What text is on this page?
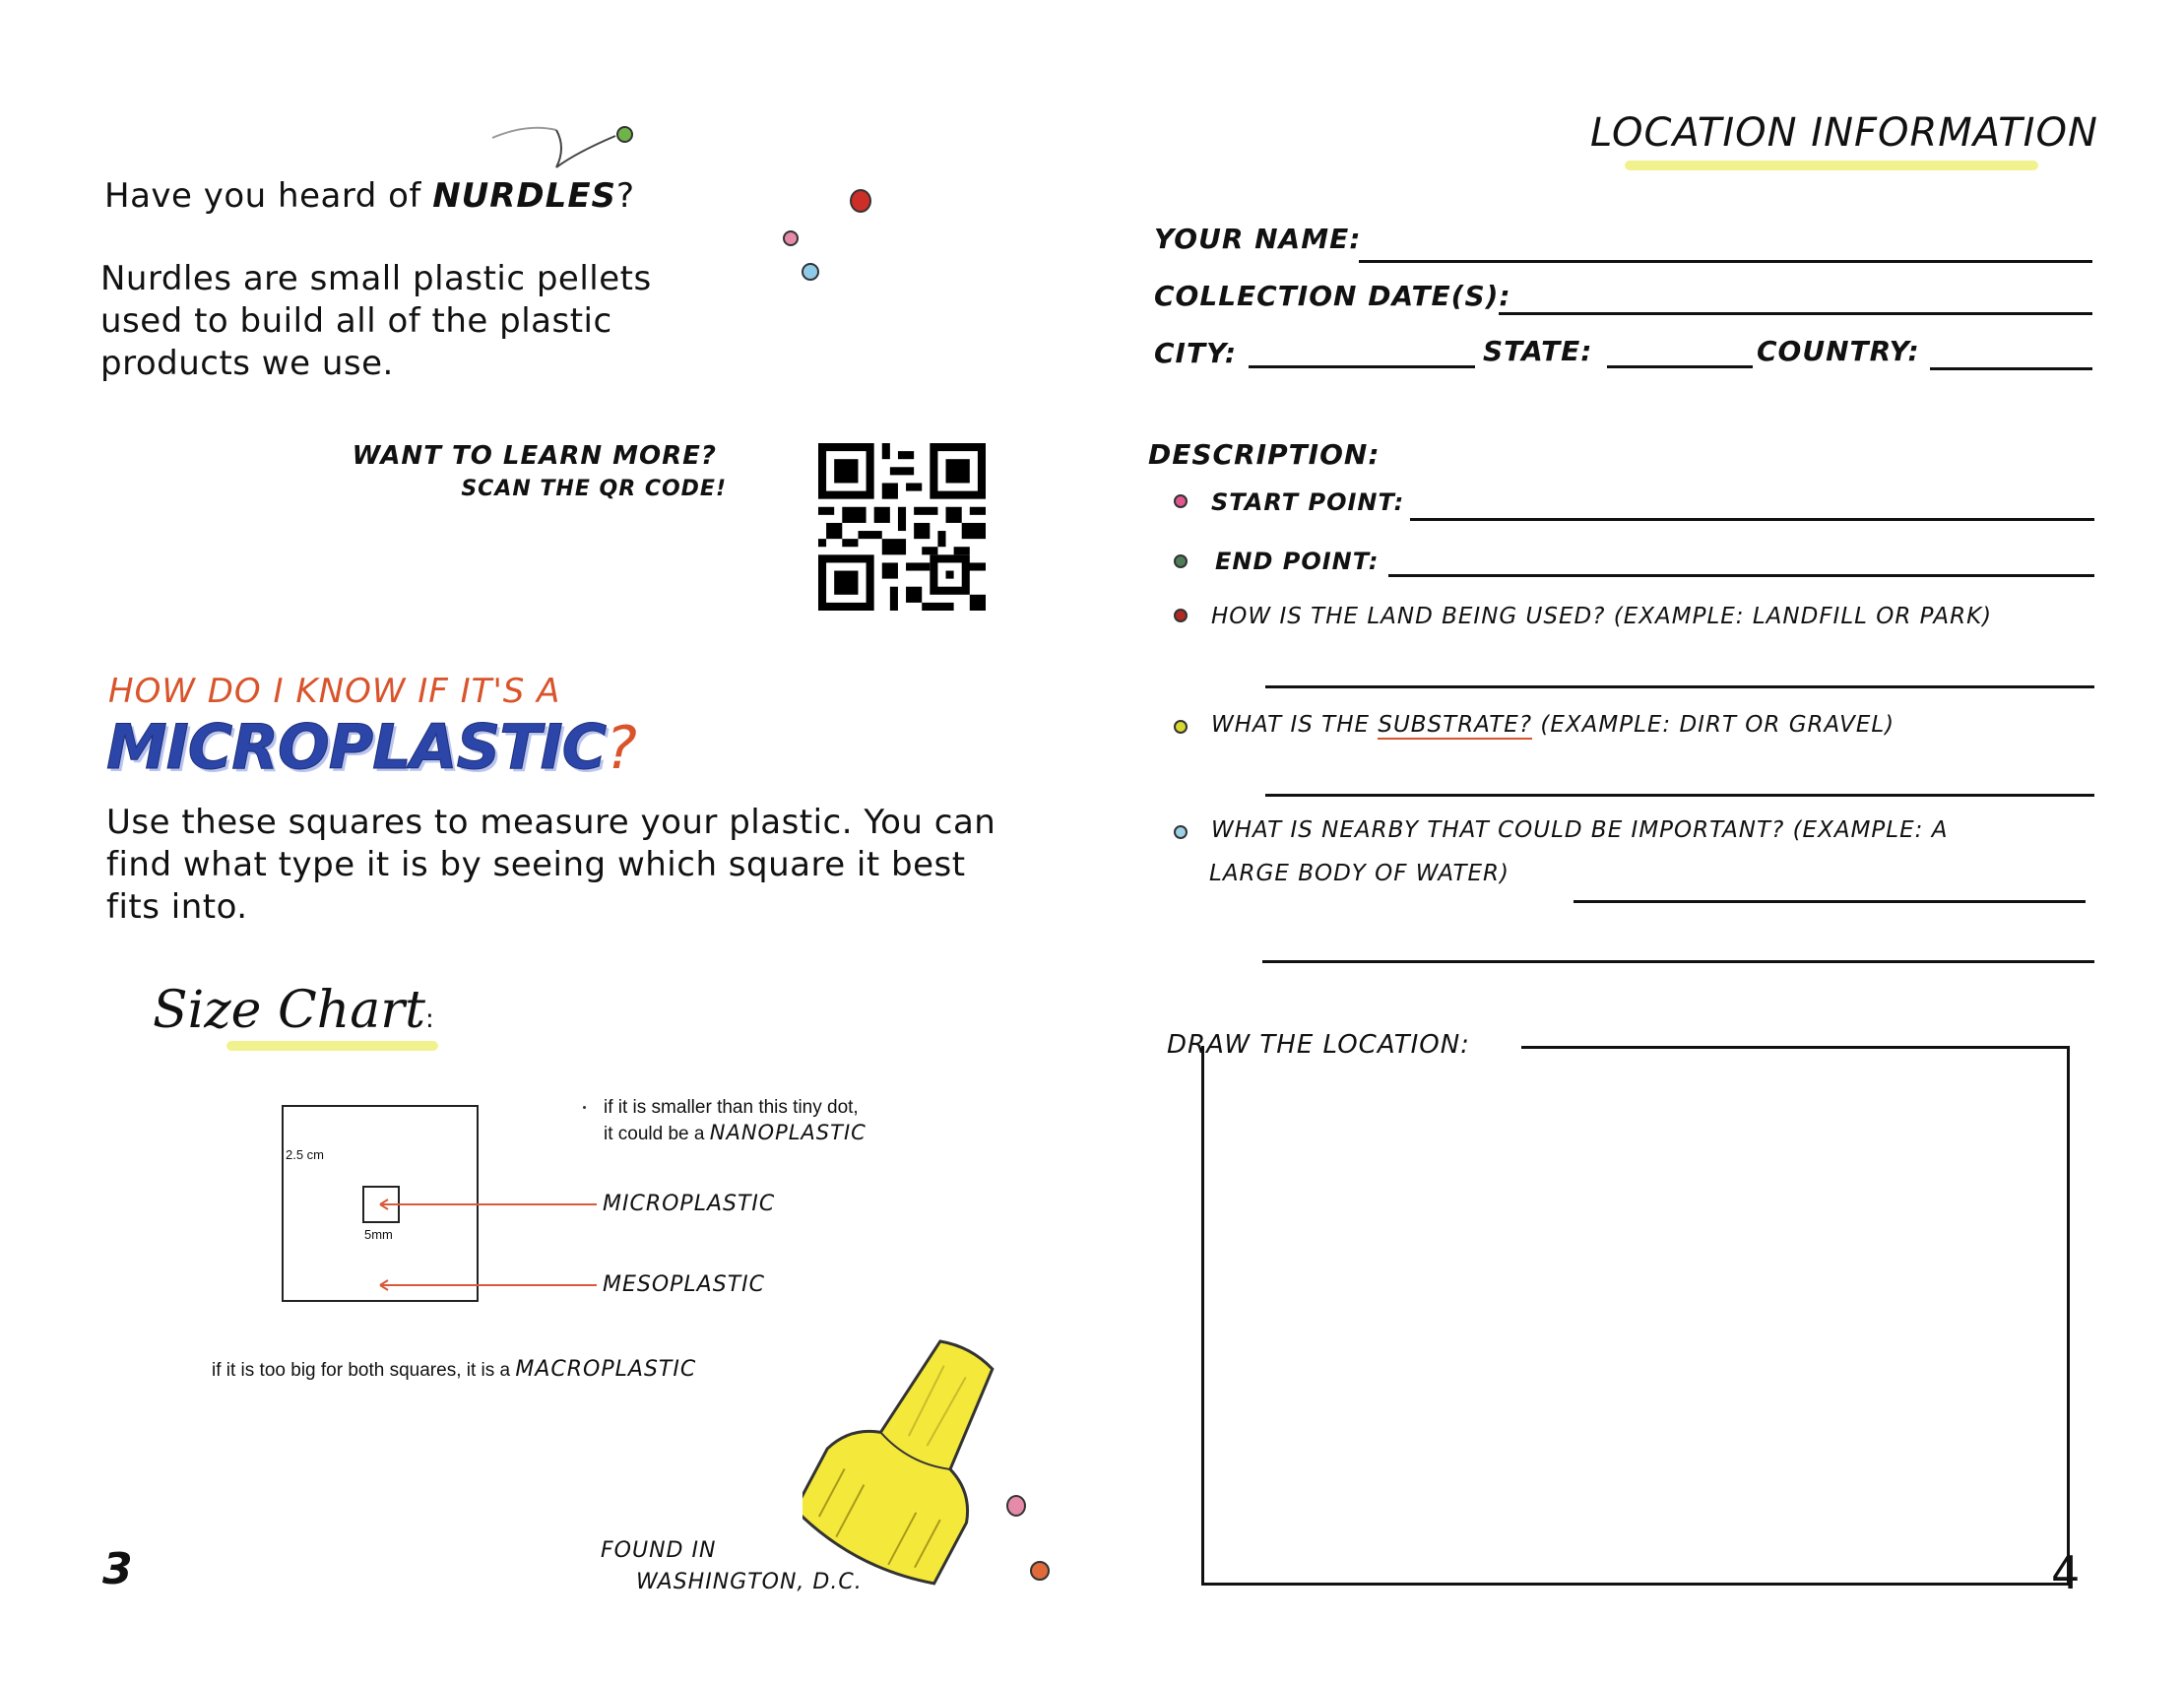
Have you heard of NURDLES?
Nurdles are small plastic pellets
used to build all of the plastic
products we use.
WANT TO LEARN MORE?
SCAN THE QR CODE!
HOW DO I KNOW IF IT'S A
MICROPLASTIC?
Use these squares to measure your plastic. You can
find what type it is by seeing which square it best
fits into.
Size Chart:
2.5 cm
5mm
if it is smaller than this tiny dot,
it could be a NANOPLASTIC
MICROPLASTIC
MESOPLASTIC
if it is too big for both squares, it is a MACROPLASTIC
FOUND IN
WASHINGTON, D.C.
3
LOCATION INFORMATION
YOUR NAME:
COLLECTION DATE(S):
CITY:	STATE:	COUNTRY:
DESCRIPTION:
START POINT:
END POINT:
HOW IS THE LAND BEING USED? (EXAMPLE: LANDFILL OR PARK)
WHAT IS THE SUBSTRATE? (EXAMPLE: DIRT OR GRAVEL)
WHAT IS NEARBY THAT COULD BE IMPORTANT? (EXAMPLE: A
LARGE BODY OF WATER)
DRAW THE LOCATION:
4
